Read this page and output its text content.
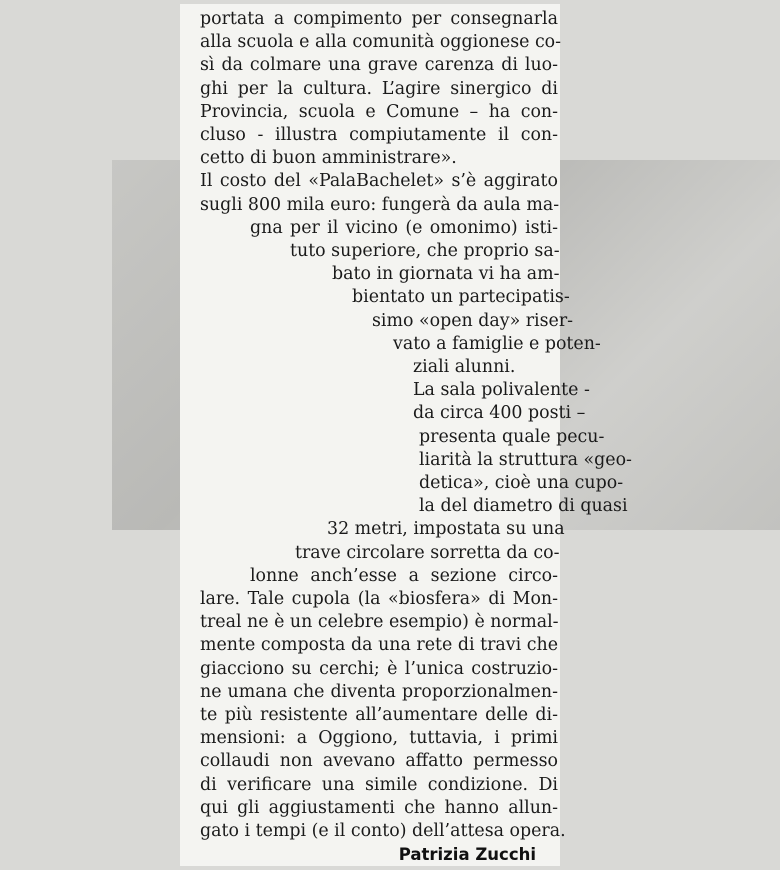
portata a compimento per consegnarla
alla scuola e alla comunità oggionese co-
sì da colmare una grave carenza di luo-
ghi per la cultura. L’agire sinergico di
Provincia, scuola e Comune – ha con-
cluso - illustra compiutamente il con-
cetto di buon amministrare».
Il costo del «PalaBachelet» s’è aggirato
sugli 800 mila euro: fungerà da aula ma-
gna per il vicino (e omonimo) isti-
tuto superiore, che proprio sa-
bato in giornata vi ha am-
bientato un partecipatis-
simo «open day» riser-
vato a famiglie e poten-
ziali alunni.
La sala polivalente -
da circa 400 posti –
presenta quale pecu-
liarità la struttura «geo-
detica», cioè una cupo-
la del diametro di quasi
32 metri, impostata su una
trave circolare sorretta da co-
lonne anch’esse a sezione circo-
lare. Tale cupola (la «biosfera» di Mon-
treal ne è un celebre esempio) è normal-
mente composta da una rete di travi che
giacciono su cerchi; è l’unica costruzio-
ne umana che diventa proporzionalmen-
te più resistente all’aumentare delle di-
mensioni: a Oggiono, tuttavia, i primi
collaudi non avevano affatto permesso
di verificare una simile condizione. Di
qui gli aggiustamenti che hanno allun-
gato i tempi (e il conto) dell’attesa opera.
Patrizia Zucchi
